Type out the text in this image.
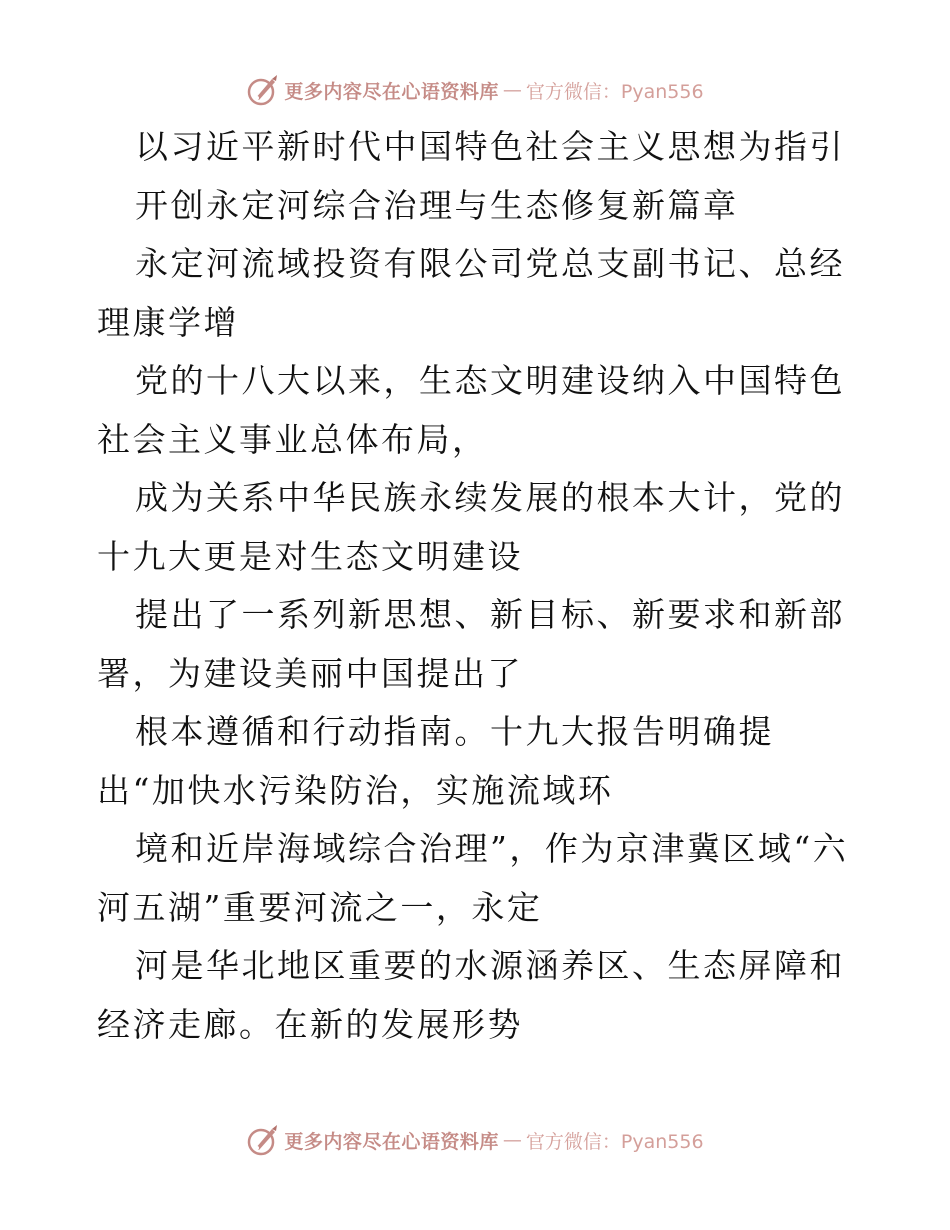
更多内容尽在心语资料库 — 官方微信：Pyan556

以习近平新时代中国特色社会主义思想为指引

开创永定河综合治理与生态修复新篇章

永定河流域投资有限公司党总支副书记、总经理康学增

党的十八大以来，生态文明建设纳入中国特色社会主义事业总体布局，

成为关系中华民族永续发展的根本大计，党的十九大更是对生态文明建设

提出了一系列新思想、新目标、新要求和新部署，为建设美丽中国提出了

根本遵循和行动指南。十九大报告明确提出“加快水污染防治，实施流域环

境和近岸海域综合治理”，作为京津冀区域“六河五湖”重要河流之一，永定

河是华北地区重要的水源涵养区、生态屏障和经济走廊。在新的发展形势

更多内容尽在心语资料库 — 官方微信：Pyan556
